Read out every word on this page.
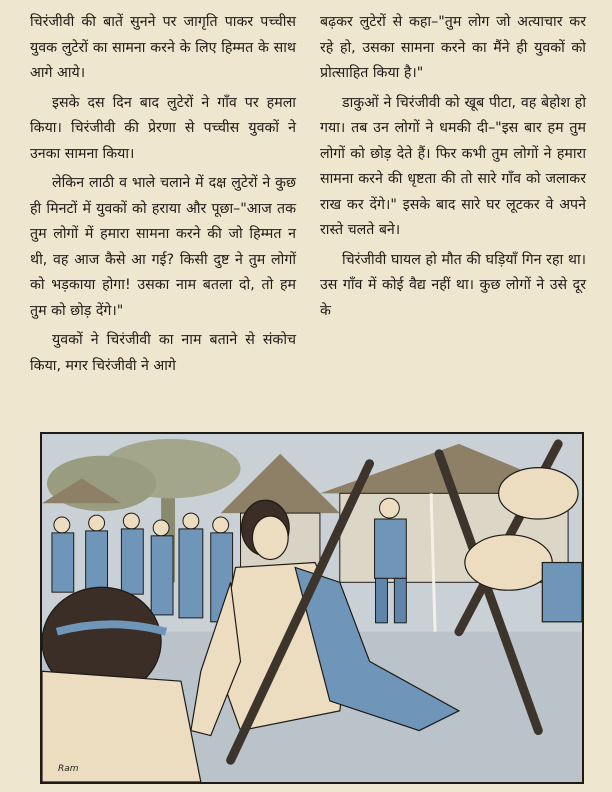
चिरंजीवी की बातें सुनने पर जागृति पाकर पच्चीस युवक लुटेरों का सामना करने के लिए हिम्मत के साथ आगे आये।

इसके दस दिन बाद लुटेरों ने गाँव पर हमला किया। चिरंजीवी की प्रेरणा से पच्चीस युवकों ने उनका सामना किया।

लेकिन लाठी व भाले चलाने में दक्ष लुटेरों ने कुछ ही मिनटों में युवकों को हराया और पूछा–"आज तक तुम लोगों में हमारा सामना करने की जो हिम्मत न थी, वह आज कैसे आ गई? किसी दुष्ट ने तुम लोगों को भड़काया होगा! उसका नाम बतला दो, तो हम तुम को छोड़ देंगे।"

युवकों ने चिरंजीवी का नाम बताने से संकोच किया, मगर चिरंजीवी ने आगे

बढ़कर लुटेरों से कहा–"तुम लोग जो अत्याचार कर रहे हो, उसका सामना करने का मैंने ही युवकों को प्रोत्साहित किया है।"

डाकुओं ने चिरंजीवी को खूब पीटा, वह बेहोश हो गया। तब उन लोगों ने धमकी दी–"इस बार हम तुम लोगों को छोड़ देते हैं। फिर कभी तुम लोगों ने हमारा सामना करने की धृष्टता की तो सारे गाँव को जलाकर राख कर देंगे।" इसके बाद सारे घर लूटकर वे अपने रास्ते चलते बने।

चिरंजीवी घायल हो मौत की घड़ियाँ गिन रहा था। उस गाँव में कोई वैद्य नहीं था। कुछ लोगों ने उसे दूर के

Ram
